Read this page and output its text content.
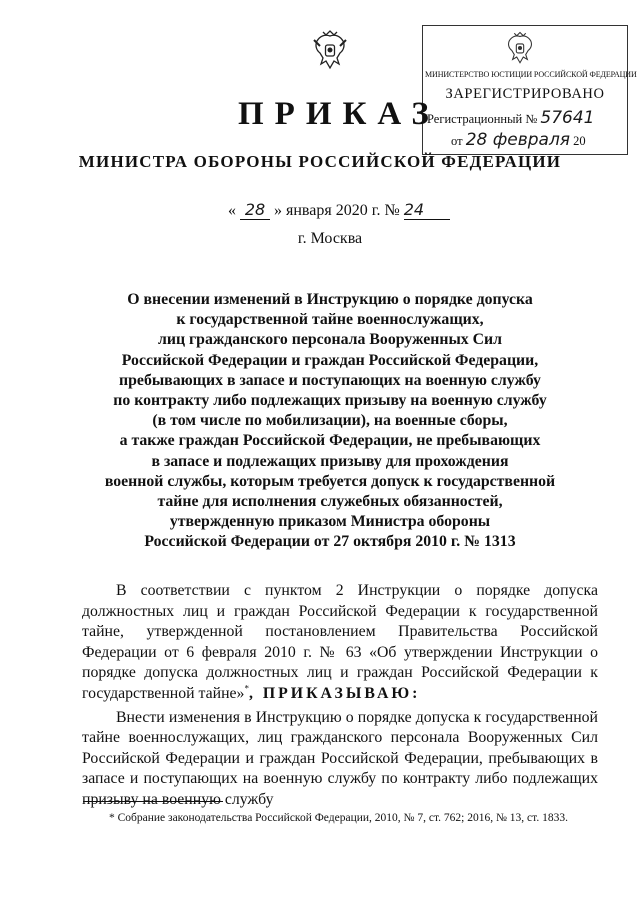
МИНИСТЕРСТВО ЮСТИЦИИ РОССИЙСКОЙ ФЕДЕРАЦИИ
ЗАРЕГИСТРИРОВАНО
Регистрационный № 57641
от 28 февраля 20
ПРИКАЗ
МИНИСТРА ОБОРОНЫ РОССИЙСКОЙ ФЕДЕРАЦИИ
« 28 » января 2020 г. № 24
г. Москва
О внесении изменений в Инструкцию о порядке допуска
к государственной тайне военнослужащих,
лиц гражданского персонала Вооруженных Сил
Российской Федерации и граждан Российской Федерации,
пребывающих в запасе и поступающих на военную службу
по контракту либо подлежащих призыву на военную службу
(в том числе по мобилизации), на военные сборы,
а также граждан Российской Федерации, не пребывающих
в запасе и подлежащих призыву для прохождения
военной службы, которым требуется допуск к государственной
тайне для исполнения служебных обязанностей,
утвержденную приказом Министра обороны
Российской Федерации от 27 октября 2010 г. № 1313

В соответствии с пунктом 2 Инструкции о порядке допуска должностных лиц и граждан Российской Федерации к государственной тайне, утвержденной постановлением Правительства Российской Федерации от 6 февраля 2010 г. № 63 «Об утверждении Инструкции о порядке допуска должностных лиц и граждан Российской Федерации к государственной тайне»*, ПРИКАЗЫВАЮ:

Внести изменения в Инструкцию о порядке допуска к государственной тайне военнослужащих, лиц гражданского персонала Вооруженных Сил Российской Федерации и граждан Российской Федерации, пребывающих в запасе и поступающих на военную службу по контракту либо подлежащих призыву на военную службу

* Собрание законодательства Российской Федерации, 2010, № 7, ст. 762; 2016, № 13, ст. 1833.
